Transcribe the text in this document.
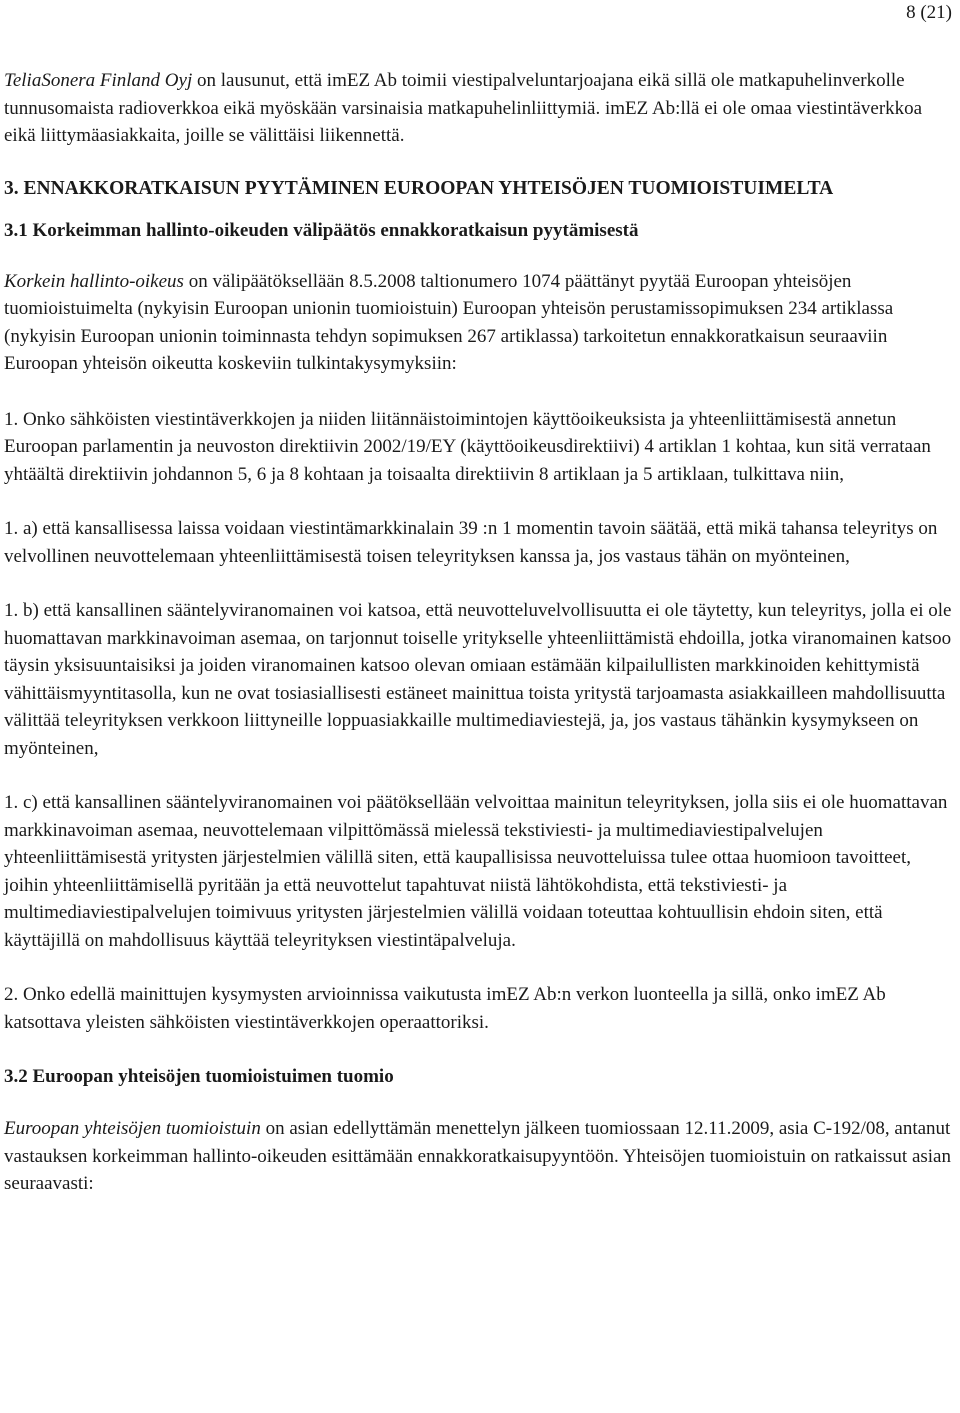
8 (21)

TeliaSonera Finland Oyj on lausunut, että imEZ Ab toimii viestipalveluntarjoajana eikä sillä ole matkapuhelinverkolle tunnusomaista radioverkkoa eikä myöskään varsinaisia matkapuhelinliittymiä. imEZ Ab:llä ei ole omaa viestintäverkkoa eikä liittymäasiakkaita, joille se välittäisi liikennettä.

3. ENNAKKORATKAISUN PYYTÄMINEN EUROOPAN YHTEISÖJEN TUOMIOISTUIMELTA
3.1 Korkeimman hallinto-oikeuden välipäätös ennakkoratkaisun pyytämisestä

Korkein hallinto-oikeus on välipäätöksellään 8.5.2008 taltionumero 1074 päättänyt pyytää Euroopan yhteisöjen tuomioistuimelta (nykyisin Euroopan unionin tuomioistuin) Euroopan yhteisön perustamissopimuksen 234 artiklassa (nykyisin Euroopan unionin toiminnasta tehdyn sopimuksen 267 artiklassa) tarkoitetun ennakkoratkaisun seuraaviin Euroopan yhteisön oikeutta koskeviin tulkintakysymyksiin:

1. Onko sähköisten viestintäverkkojen ja niiden liitännäistoimintojen käyttöoikeuksista ja yhteenliittämisestä annetun Euroopan parlamentin ja neuvoston direktiivin 2002/19/EY (käyttöoikeusdirektiivi) 4 artiklan 1 kohtaa, kun sitä verrataan yhtäältä direktiivin johdannon 5, 6 ja 8 kohtaan ja toisaalta direktiivin 8 artiklaan ja 5 artiklaan, tulkittava niin,

1. a) että kansallisessa laissa voidaan viestintämarkkinalain 39 :n 1 momentin tavoin säätää, että mikä tahansa teleyritys on velvollinen neuvottelemaan yhteenliittämisestä toisen teleyrityksen kanssa ja, jos vastaus tähän on myönteinen,

1. b) että kansallinen sääntelyviranomainen voi katsoa, että neuvotteluvelvollisuutta ei ole täytetty, kun teleyritys, jolla ei ole huomattavan markkinavoiman asemaa, on tarjonnut toiselle yritykselle yhteenliittämistä ehdoilla, jotka viranomainen katsoo täysin yksisuuntaisiksi ja joiden viranomainen katsoo olevan omiaan estämään kilpailullisten markkinoiden kehittymistä vähittäismyyntitasolla, kun ne ovat tosiasiallisesti estäneet mainittua toista yritystä tarjoamasta asiakkailleen mahdollisuutta välittää teleyrityksen verkkoon liittyneille loppuasiakkaille multimediaviestejä, ja, jos vastaus tähänkin kysymykseen on myönteinen,

1. c) että kansallinen sääntelyviranomainen voi päätöksellään velvoittaa mainitun teleyrityksen, jolla siis ei ole huomattavan markkinavoiman asemaa, neuvottelemaan vilpittömässä mielessä tekstiviesti- ja multimediaviestipalvelujen yhteenliittämisestä yritysten järjestelmien välillä siten, että kaupallisissa neuvotteluissa tulee ottaa huomioon tavoitteet, joihin yhteenliittämisellä pyritään ja että neuvottelut tapahtuvat niistä lähtökohdista, että tekstiviesti- ja multimediaviestipalvelujen toimivuus yritysten järjestelmien välillä voidaan toteuttaa kohtuullisin ehdoin siten, että käyttäjillä on mahdollisuus käyttää teleyrityksen viestintäpalveluja.

2. Onko edellä mainittujen kysymysten arvioinnissa vaikutusta imEZ Ab:n verkon luonteella ja sillä, onko imEZ Ab katsottava yleisten sähköisten viestintäverkkojen operaattoriksi.

3.2 Euroopan yhteisöjen tuomioistuimen tuomio

Euroopan yhteisöjen tuomioistuin on asian edellyttämän menettelyn jälkeen tuomiossaan 12.11.2009, asia C-192/08, antanut vastauksen korkeimman hallinto-oikeuden esittämään ennakkoratkaisupyyntöön. Yhteisöjen tuomioistuin on ratkaissut asian seuraavasti:
